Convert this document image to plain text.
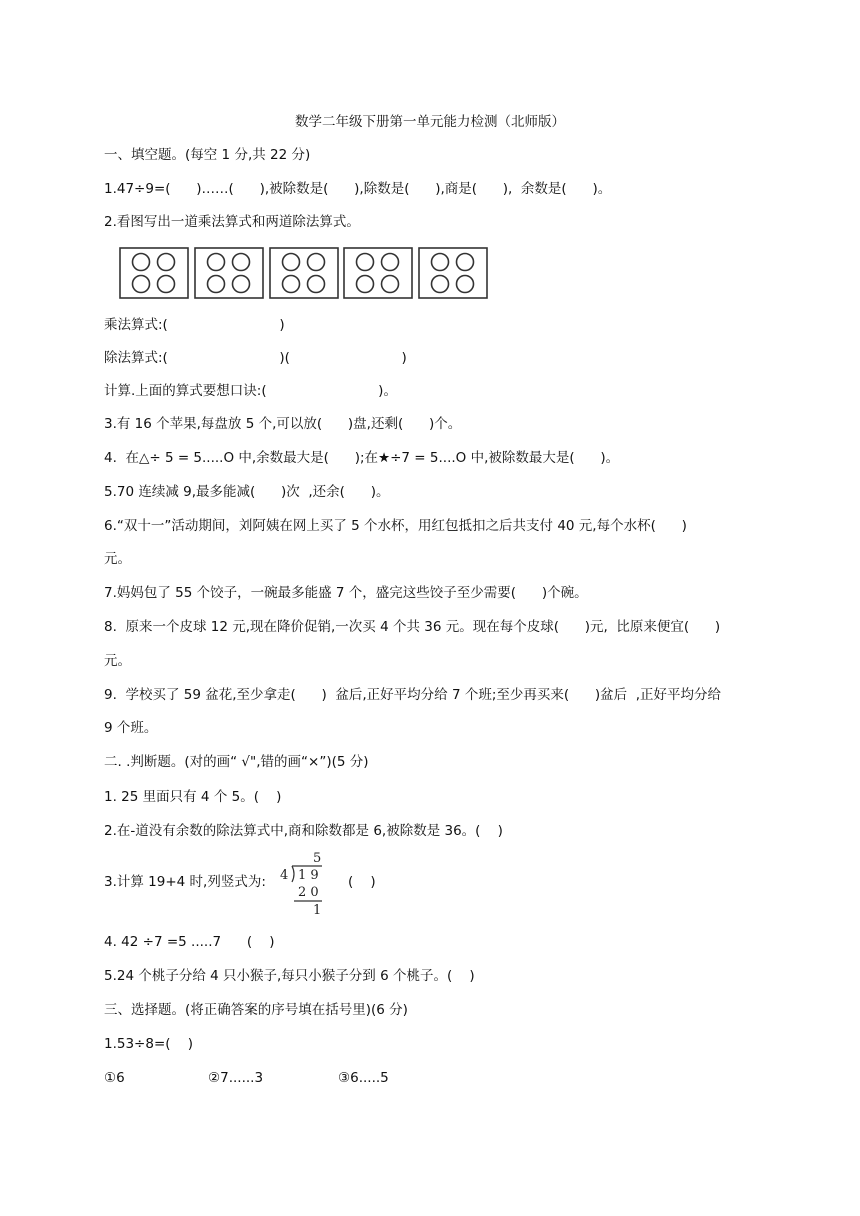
数学二年级下册第一单元能力检测（北师版）
一、填空题。(每空 1 分,共 22 分)
1.47÷9=(      )……(      ),被除数是(      ),除数是(      ),商是(      ),  余数是(      )。
2.看图写出一道乘法算式和两道除法算式。
乘法算式:(                          )
除法算式:(                          )(                          )
计算.上面的算式要想口诀:(                          )。
3.有 16 个苹果,每盘放 5 个,可以放(      )盘,还剩(      )个。
4.  在△÷ 5 = 5.....O 中,余数最大是(      );在★÷7 = 5....O 中,被除数最大是(      )。
5.70 连续减 9,最多能减(      )次  ,还余(      )。
6.“双十一”活动期间，刘阿姨在网上买了 5 个水杯，用红包抵扣之后共支付 40 元,每个水杯(      )
元。
7.妈妈包了 55 个饺子，一碗最多能盛 7 个，盛完这些饺子至少需要(      )个碗。
8.  原来一个皮球 12 元,现在降价促销,一次买 4 个共 36 元。现在每个皮球(      )元,  比原来便宜(      )
元。
9.  学校买了 59 盆花,至少拿走(      )  盆后,正好平均分给 7 个班;至少再买来(      )盆后  ,正好平均分给
9 个班。
二. .判断题。(对的画“ √",错的画“×”)(5 分)
1. 25 里面只有 4 个 5。(    )
2.在-道没有余数的除法算式中,商和除数都是 6,被除数是 36。(    )
3.计算 19+4 时,列竖式为:
5
4 1 9
2 0
1
(    )
4. 42 ÷7 =5 .....7      (    )
5.24 个桃子分给 4 只小猴子,每只小猴子分到 6 个桃子。(    )
三、选择题。(将正确答案的序号填在括号里)(6 分)
1.53÷8=(    )
①6	②7......3	③6.....5
